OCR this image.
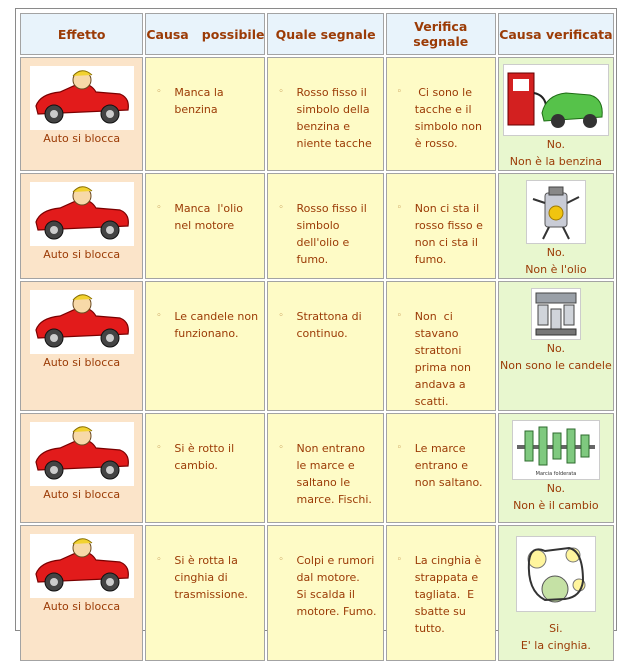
Effetto	Causa   possibile	Quale segnale	Verifica segnale	Causa verificata

Auto si blocca	◦ Manca la benzina	◦ Rosso fisso il simbolo della benzina e niente tacche	◦ Ci sono le tacche e il simbolo non è rosso.	No.
Non è la benzina

Auto si blocca	◦ Manca  l'olio nel motore	◦ Rosso fisso il simbolo dell'olio e fumo.	◦ Non ci sta il rosso fisso e non ci sta il fumo.	No.
Non è l'olio

Auto si blocca	◦ Le candele non funzionano.	◦ Strattona di continuo.	◦ Non  ci stavano strattoni prima non  andava a scatti.	No.
Non sono le candele

Auto si blocca	◦ Si è rotto il cambio.	◦ Non entrano le marce e saltano le marce. Fischi.	◦ Le marce entrano e non saltano.	Marcia folderata
No.
Non è il cambio

Auto si blocca	◦ Si è rotta la cinghia di trasmissione.	◦ Colpi e rumori dal motore.  Si scalda il motore. Fumo.	◦ La cinghia è strappata e tagliata.  E sbatte su tutto.	Si.
E' la cinghia.
